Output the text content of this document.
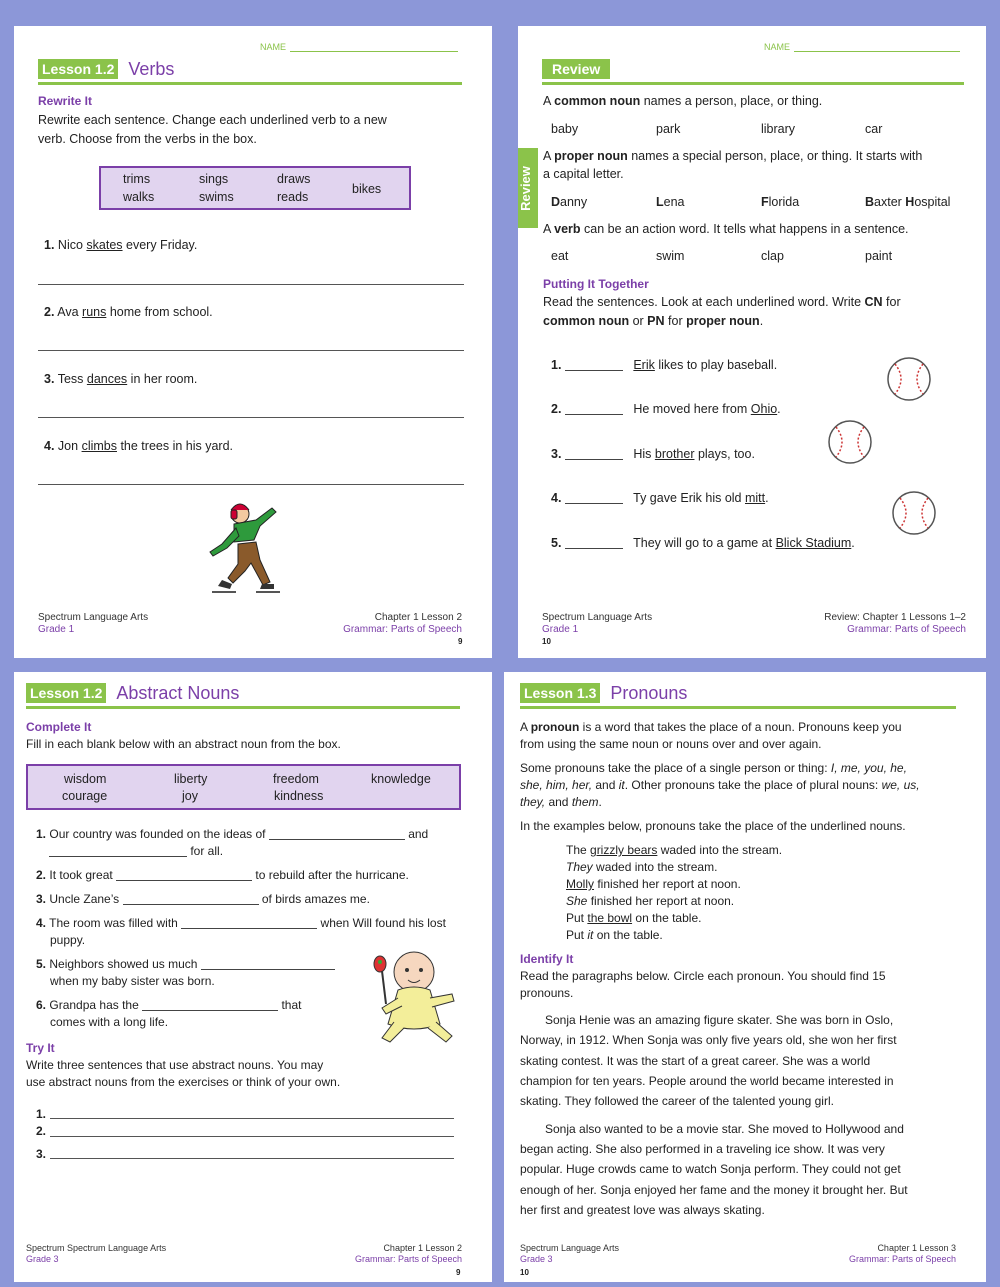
NAME
Lesson 1.2 Verbs
Rewrite It
Rewrite each sentence. Change each underlined verb to a new
verb. Choose from the verbs in the box.
trims	sings	draws
walks	swims	reads
bikes
1. Nico skates every Friday.
2. Ava runs home from school.
3. Tess dances in her room.
4. Jon climbs the trees in his yard.
Spectrum Language Arts
Grade 1
Chapter 1 Lesson 2
Grammar: Parts of Speech
9
NAME
Review
Review
A common noun names a person, place, or thing.
baby	park	library	car
A proper noun names a special person, place, or thing. It starts with
a capital letter.
Danny	Lena	Florida	Baxter Hospital
A verb can be an action word. It tells what happens in a sentence.
eat	swim	clap	paint
Putting It Together
Read the sentences. Look at each underlined word. Write CN for
common noun or PN for proper noun.
1.	Erik likes to play baseball.
2.	He moved here from Ohio.
3.	His brother plays, too.
4.	Ty gave Erik his old mitt.
5.	They will go to a game at Blick Stadium.
Spectrum Language Arts
Grade 1
Review: Chapter 1 Lessons 1–2
Grammar: Parts of Speech
10
Lesson 1.2 Abstract Nouns
Complete It
Fill in each blank below with an abstract noun from the box.
wisdom	liberty	freedom	knowledge
courage	joy	kindness
1. Our country was founded on the ideas of	and
for all.
2. It took great	to rebuild after the hurricane.
3. Uncle Zane’s	of birds amazes me.
4. The room was filled with	when Will found his lost
puppy.
5. Neighbors showed us much
when my baby sister was born.
6. Grandpa has the	that
comes with a long life.
Try It
Write three sentences that use abstract nouns. You may
use abstract nouns from the exercises or think of your own.
1.
2.
3.
Spectrum Spectrum Language Arts
Grade 3
Chapter 1 Lesson 2
Grammar: Parts of Speech
9
Lesson 1.3 Pronouns
A pronoun is a word that takes the place of a noun. Pronouns keep you
from using the same noun or nouns over and over again.
Some pronouns take the place of a single person or thing: I, me, you, he,
she, him, her, and it. Other pronouns take the place of plural nouns: we, us,
they, and them.
In the examples below, pronouns take the place of the underlined nouns.
The grizzly bears waded into the stream.
They waded into the stream.
Molly finished her report at noon.
She finished her report at noon.
Put the bowl on the table.
Put it on the table.
Identify It
Read the paragraphs below. Circle each pronoun. You should find 15
pronouns.
Sonja Henie was an amazing figure skater. She was born in Oslo,
Norway, in 1912. When Sonja was only five years old, she won her first
skating contest. It was the start of a great career. She was a world
champion for ten years. People around the world became interested in
skating. They followed the career of the talented young girl.
Sonja also wanted to be a movie star. She moved to Hollywood and
began acting. She also performed in a traveling ice show. It was very
popular. Huge crowds came to watch Sonja perform. They could not get
enough of her. Sonja enjoyed her fame and the money it brought her. But
her first and greatest love was always skating.
Spectrum Language Arts
Grade 3
Chapter 1 Lesson 3
Grammar: Parts of Speech
10
